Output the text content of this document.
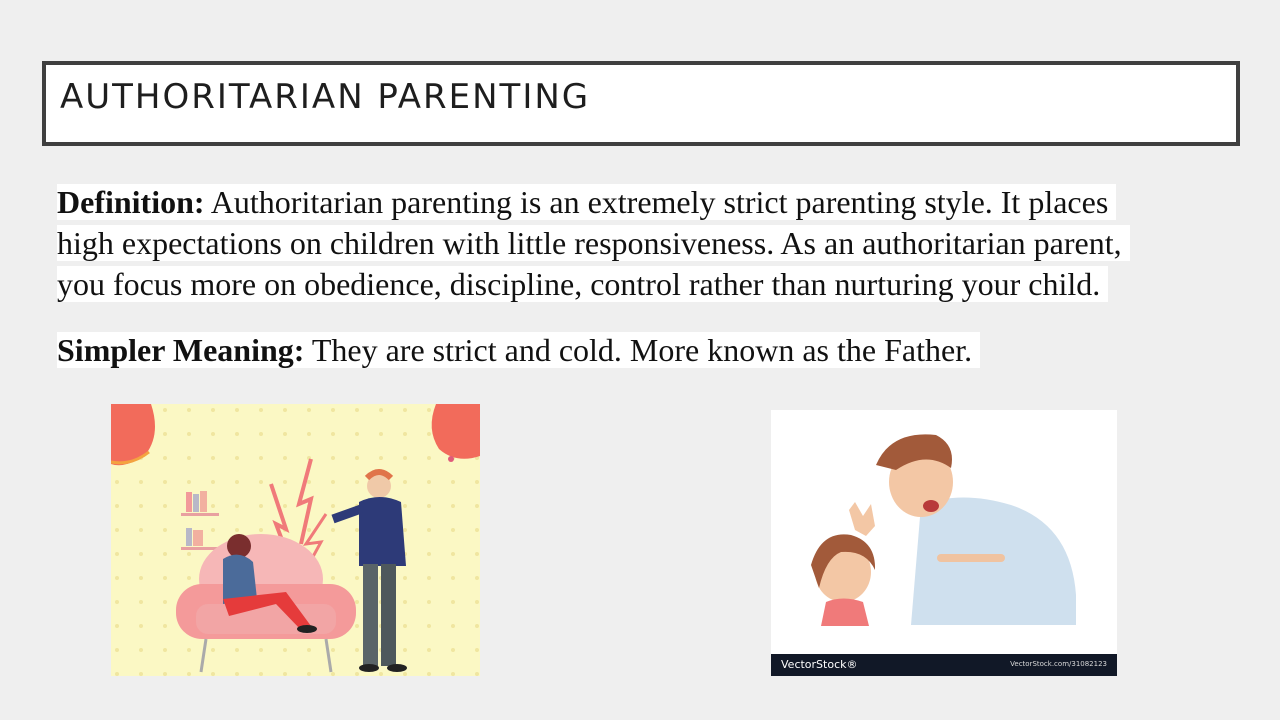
AUTHORITARIAN PARENTING
Definition: Authoritarian parenting is an extremely strict parenting style. It places
high expectations on children with little responsiveness. As an authoritarian parent,
you focus more on obedience, discipline, control rather than nurturing your child.
Simpler Meaning: They are strict and cold. More known as the Father.
VectorStock®	VectorStock.com/31082123
